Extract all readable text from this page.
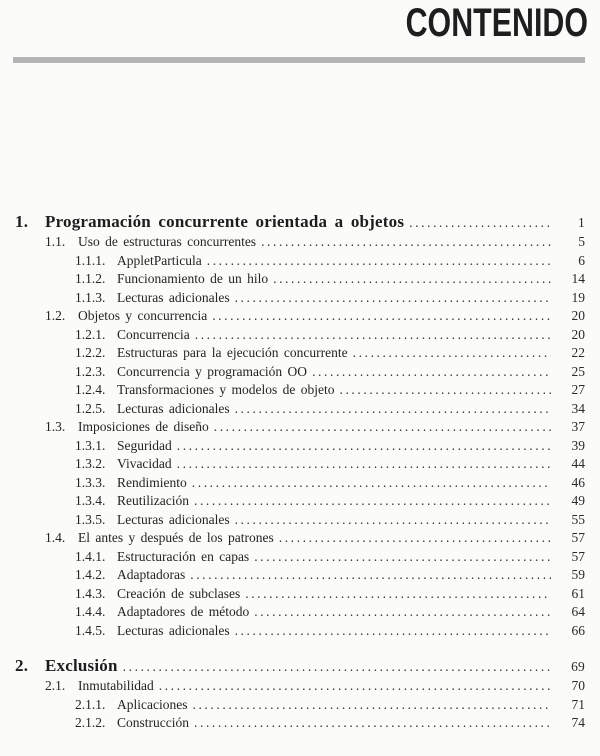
CONTENIDO
1. Programación concurrente orientada a objetos .....	1
1.1. Uso de estructuras concurrentes .....	5
1.1.1. AppletParticula .....	6
1.1.2. Funcionamiento de un hilo .....	14
1.1.3. Lecturas adicionales .....	19
1.2. Objetos y concurrencia .....	20
1.2.1. Concurrencia .....	20
1.2.2. Estructuras para la ejecución concurrente .....	22
1.2.3. Concurrencia y programación OO .....	25
1.2.4. Transformaciones y modelos de objeto .....	27
1.2.5. Lecturas adicionales .....	34
1.3. Imposiciones de diseño .....	37
1.3.1. Seguridad .....	39
1.3.2. Vivacidad .....	44
1.3.3. Rendimiento .....	46
1.3.4. Reutilización .....	49
1.3.5. Lecturas adicionales .....	55
1.4. El antes y después de los patrones .....	57
1.4.1. Estructuración en capas .....	57
1.4.2. Adaptadoras .....	59
1.4.3. Creación de subclases .....	61
1.4.4. Adaptadores de método .....	64
1.4.5. Lecturas adicionales .....	66
2. Exclusión .....	69
2.1. Inmutabilidad .....	70
2.1.1. Aplicaciones .....	71
2.1.2. Construcción .....	74
